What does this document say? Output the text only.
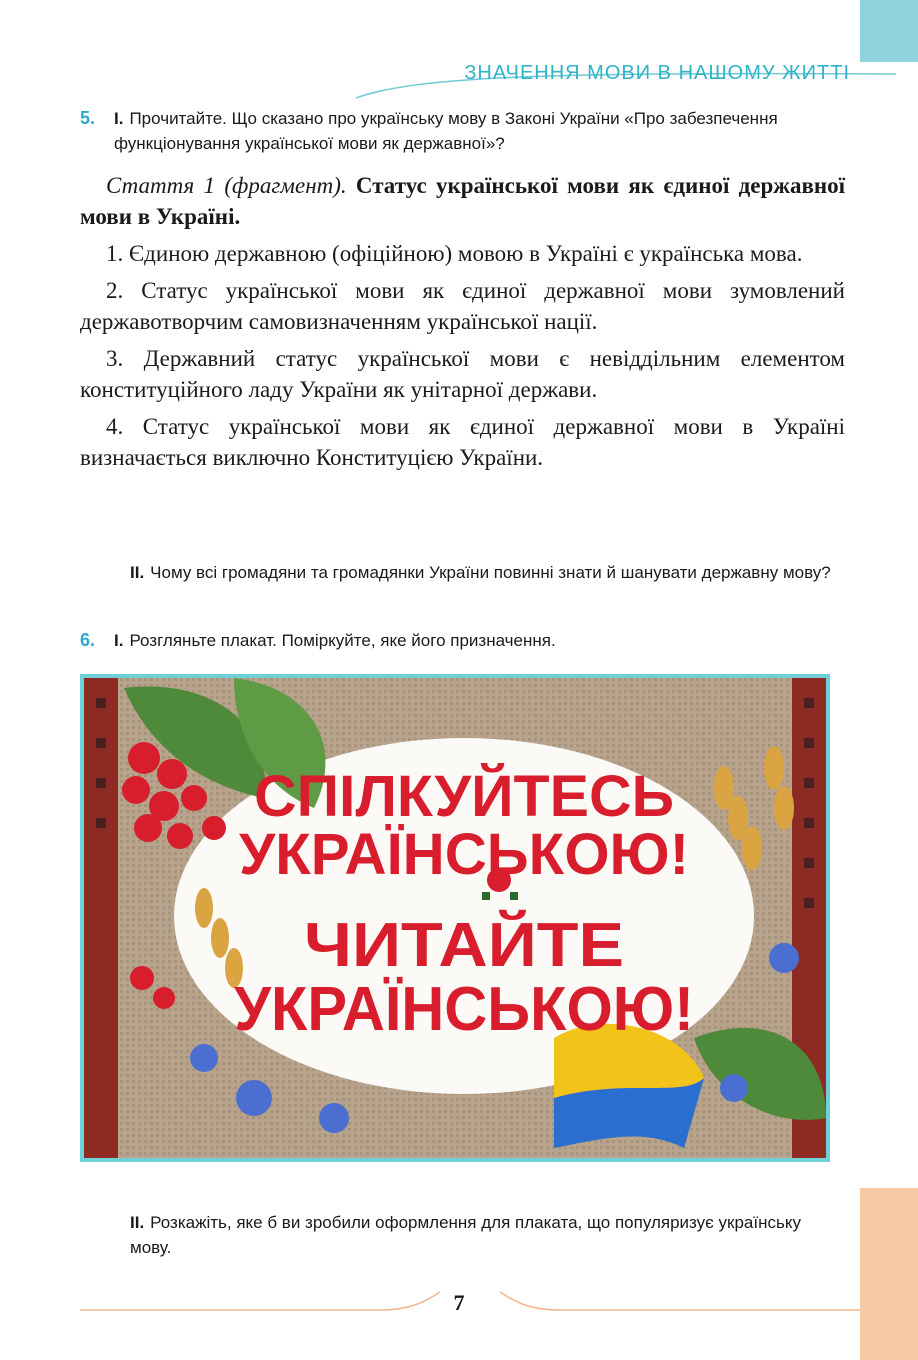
ЗНАЧЕННЯ МОВИ В НАШОМУ ЖИТТІ
5. I. Прочитайте. Що сказано про українську мову в Законі України «Про забезпечення функціонування української мови як державної»?

Стаття 1 (фрагмент). Статус української мови як єдиної державної мови в Україні.

1. Єдиною державною (офіційною) мовою в Україні є українська мова.

2. Статус української мови як єдиної державної мови зумовлений державотворчим самовизначенням української нації.

3. Державний статус української мови є невіддільним елементом конституційного ладу України як унітарної держави.

4. Статус української мови як єдиної державної мови в Україні визначається виключно Конституцією України.

II. Чому всі громадяни та громадянки України повинні знати й шанувати державну мову?
6. I. Розгляньте плакат. Поміркуйте, яке його призначення.
СПІЛКУЙТЕСЬ
УКРАЇНСЬКОЮ!
ЧИТАЙТЕ
УКРАЇНСЬКОЮ!
II. Розкажіть, яке б ви зробили оформлення для плаката, що популяризує українську мову.
7
